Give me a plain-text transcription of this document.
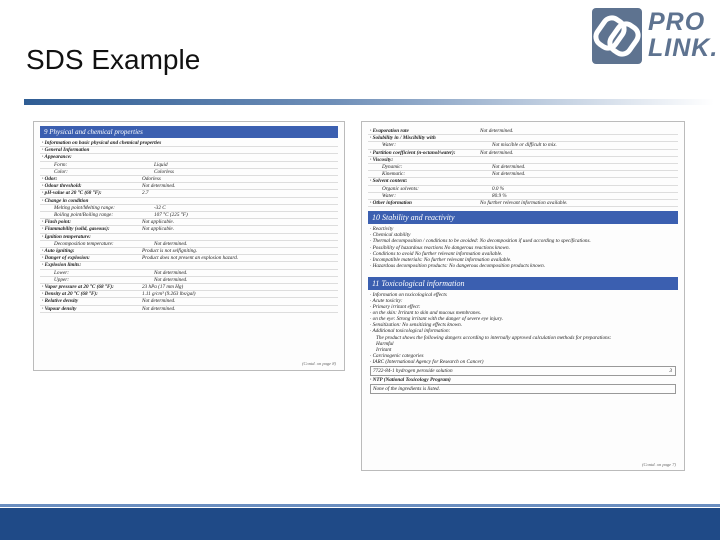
SDS Example
PRO
LINK.
9 Physical and chemical properties
· Information on basic physical and chemical properties
· General Information
· Appearance:
Form:	Liquid
Color:	Colorless
· Odor:	Odorless
· Odour threshold:	Not determined.
· pH-value at 20 °C (68 °F):	2.7
· Change in condition
Melting point/Melting range:	-32 C
Boiling point/Boiling range:	107 °C (225 °F)
· Flash point:	Not applicable.
· Flammability (solid, gaseous):	Not applicable.
· Ignition temperature:
Decomposition temperature:	Not determined.
· Auto igniting:	Product is not selfigniting.
· Danger of explosion:	Product does not present an explosion hazard.
· Explosion limits:
Lower:	Not determined.
Upper:	Not determined.
· Vapor pressure at 20 °C (68 °F):	23 hPa (17 mm Hg)
· Density at 20 °C (68 °F):	1.11 g/cm³ (9.263 lbs/gal)
· Relative density	Not determined.
· Vapour density	Not determined.
(Contd. on page 8)
· Evaporation rate	Not determined.
· Solubility in / Miscibility with
Water:	Not miscible or difficult to mix.
· Partition coefficient (n-octanol/water):	Not determined.
· Viscosity:
Dynamic:	Not determined.
Kinematic:	Not determined.
· Solvent content:
Organic solvents:	0.0 %
Water:	80.9 %
· Other information	No further relevant information available.
10 Stability and reactivity
· Reactivity
· Chemical stability
· Thermal decomposition / conditions to be avoided: No decomposition if used according to specifications.
· Possibility of hazardous reactions No dangerous reactions known.
· Conditions to avoid No further relevant information available.
· Incompatible materials: No further relevant information available.
· Hazardous decomposition products: No dangerous decomposition products known.
11 Toxicological information
· Information on toxicological effects
· Acute toxicity:
· Primary irritant effect:
· on the skin: Irritant to skin and mucous membranes.
· on the eye: Strong irritant with the danger of severe eye injury.
· Sensitization: No sensitizing effects known.
· Additional toxicological information:
The product shows the following dangers according to internally approved calculation methods for preparations:
Harmful
Irritant
· Carcinogenic categories
· IARC (International Agency for Research on Cancer)
7722-84-1 hydrogen peroxide solution	3
· NTP (National Toxicology Program)
None of the ingredients is listed.
(Contd. on page 7)
